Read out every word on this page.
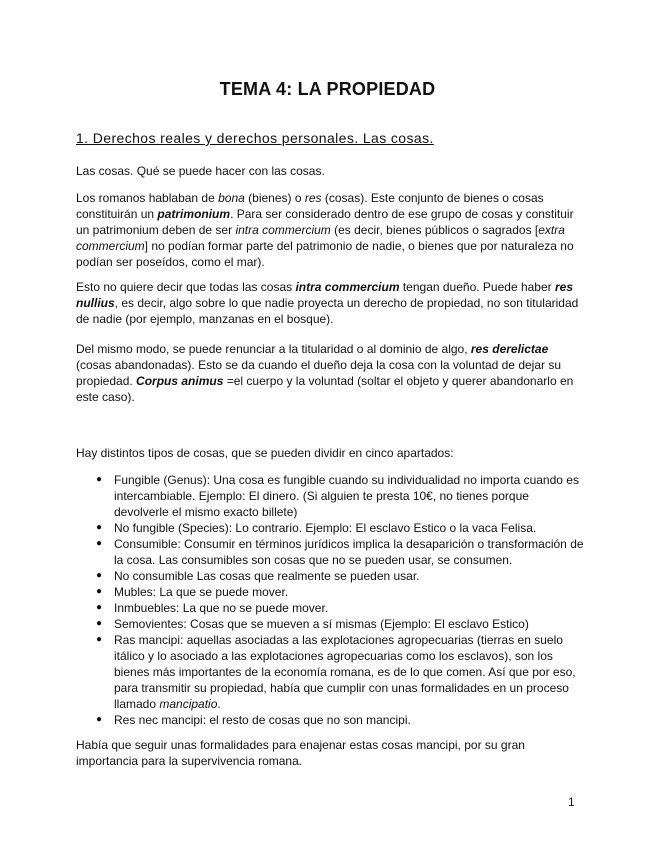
TEMA 4: LA PROPIEDAD
1. Derechos reales y derechos personales. Las cosas.

Las cosas. Qué se puede hacer con las cosas.

Los romanos hablaban de bona (bienes) o res (cosas). Este conjunto de bienes o cosas constituirán un patrimonium. Para ser considerado dentro de ese grupo de cosas y constituir un patrimonium deben de ser intra commercium (es decir, bienes públicos o sagrados [extra commercium] no podían formar parte del patrimonio de nadie, o bienes que por naturaleza no podían ser poseídos, como el mar).

Esto no quiere decir que todas las cosas intra commercium tengan dueño. Puede haber res nullius, es decir, algo sobre lo que nadie proyecta un derecho de propiedad, no son titularidad de nadie (por ejemplo, manzanas en el bosque).

Del mismo modo, se puede renunciar a la titularidad o al dominio de algo, res derelictae (cosas abandonadas). Esto se da cuando el dueño deja la cosa con la voluntad de dejar su propiedad. Corpus animus =el cuerpo y la voluntad (soltar el objeto y querer abandonarlo en este caso).

Hay distintos tipos de cosas, que se pueden dividir en cinco apartados:

● Fungible (Genus): Una cosa es fungible cuando su individualidad no importa cuando es intercambiable. Ejemplo: El dinero. (Si alguien te presta 10€, no tienes porque devolverle el mismo exacto billete)
● No fungible (Species): Lo contrario. Ejemplo: El esclavo Estico o la vaca Felisa.
● Consumible: Consumir en términos jurídicos implica la desaparición o transformación de la cosa. Las consumibles son cosas que no se pueden usar, se consumen.
● No consumible Las cosas que realmente se pueden usar.
● Mubles: La que se puede mover.
● Inmbuebles: La que no se puede mover.
● Semovientes: Cosas que se mueven a sí mismas (Ejemplo: El esclavo Estico)
● Ras mancipi: aquellas asociadas a las explotaciones agropecuarias (tierras en suelo itálico y lo asociado a las explotaciones agropecuarias como los esclavos), son los bienes más importantes de la economía romana, es de lo que comen. Así que por eso, para transmitir su propiedad, había que cumplir con unas formalidades en un proceso llamado mancipatio.
● Res nec mancipi: el resto de cosas que no son mancipi.

Había que seguir unas formalidades para enajenar estas cosas mancipi, por su gran importancia para la supervivencia romana.

1
